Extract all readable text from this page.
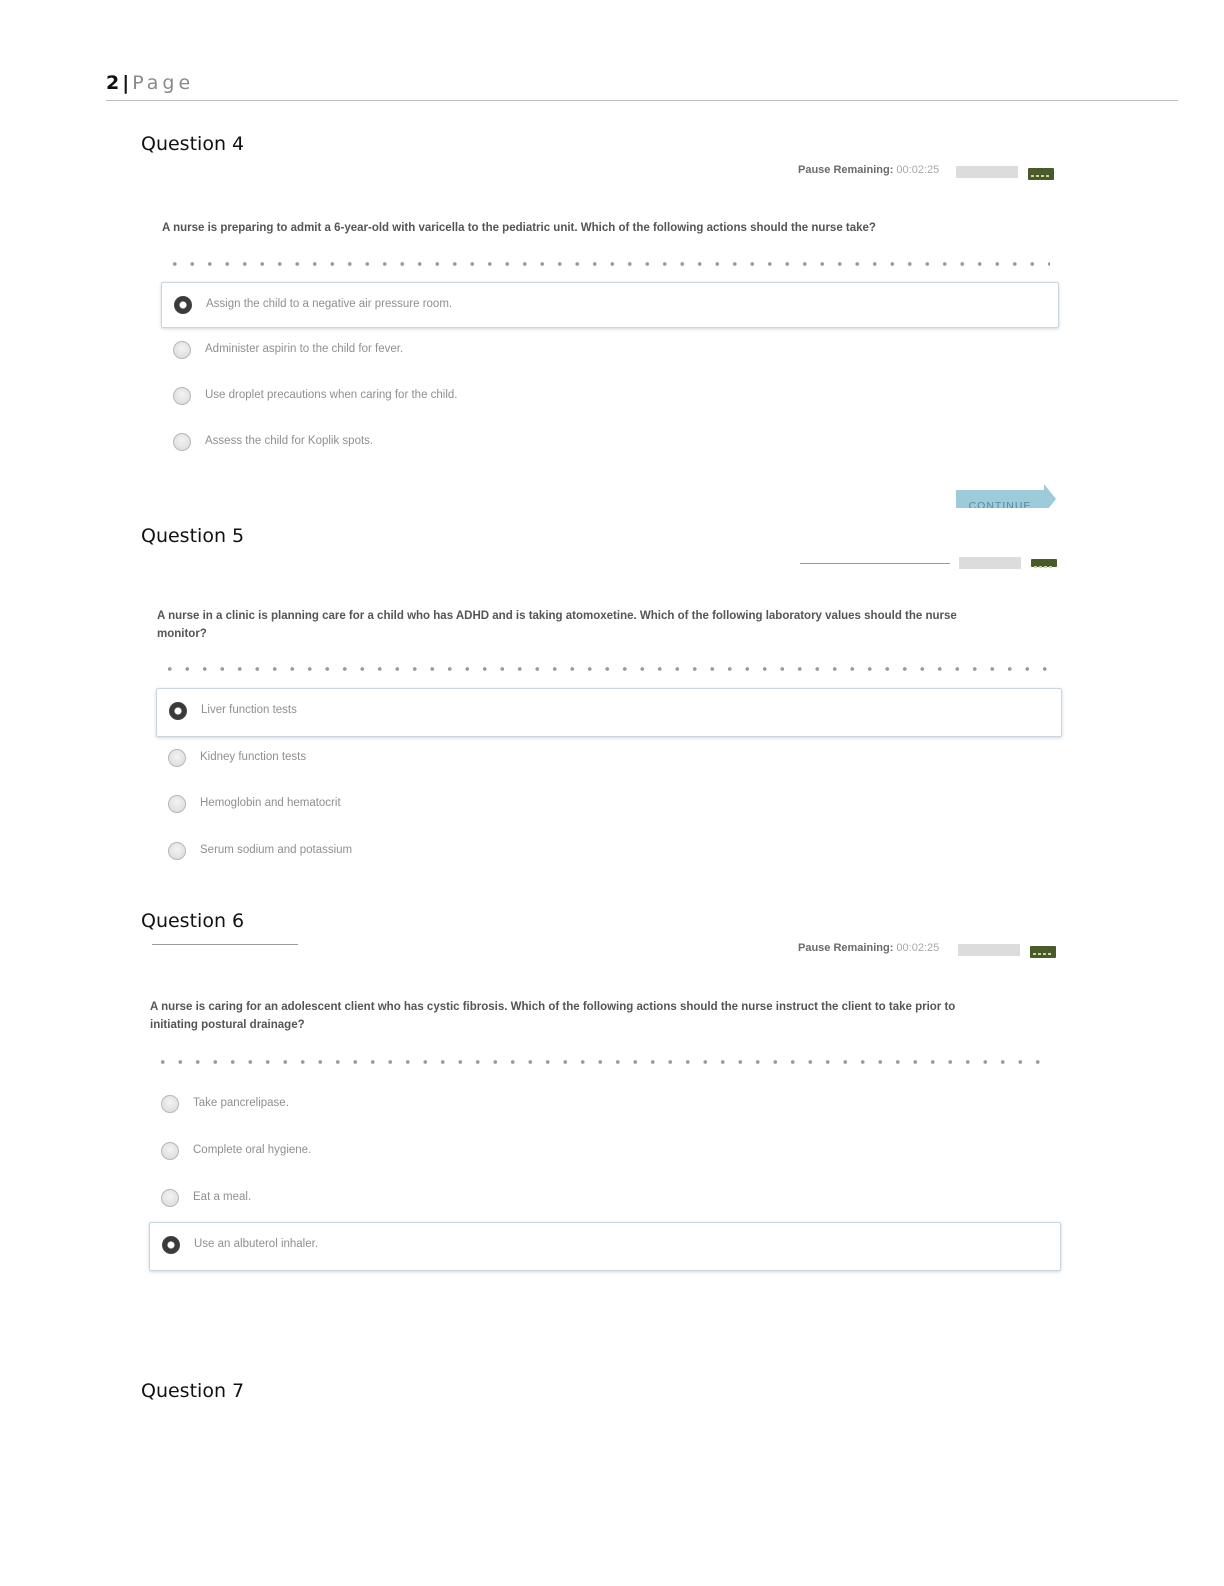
2 | Page
Question 4
Pause Remaining: 00:02:25
A nurse is preparing to admit a 6-year-old with varicella to the pediatric unit. Which of the following actions should the nurse take?
Assign the child to a negative air pressure room.
Administer aspirin to the child for fever.
Use droplet precautions when caring for the child.
Assess the child for Koplik spots.
CONTINUE
Question 5
A nurse in a clinic is planning care for a child who has ADHD and is taking atomoxetine. Which of the following laboratory values should the nurse
monitor?
Liver function tests
Kidney function tests
Hemoglobin and hematocrit
Serum sodium and potassium
Question 6
Pause Remaining: 00:02:25
A nurse is caring for an adolescent client who has cystic fibrosis. Which of the following actions should the nurse instruct the client to take prior to
initiating postural drainage?
Take pancrelipase.
Complete oral hygiene.
Eat a meal.
Use an albuterol inhaler.
Question 7
